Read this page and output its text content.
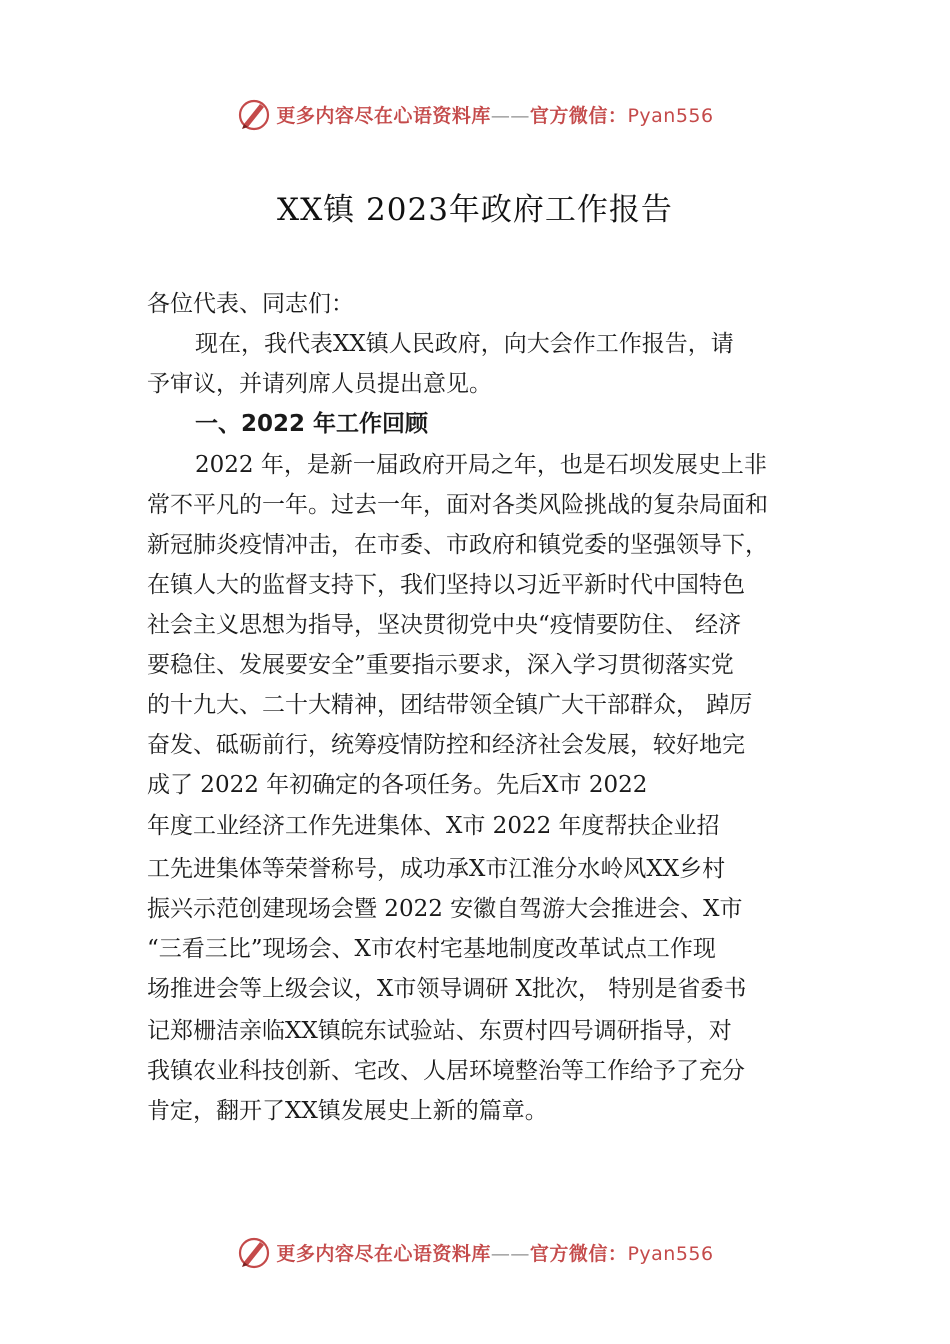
更多内容尽在心语资料库——官方微信：Pyan556
XX镇 2023年政府工作报告
各位代表、同志们：
现在，我代表XX镇人民政府，向大会作工作报告，请
予审议，并请列席人员提出意见。
一、2022 年工作回顾
2022 年，是新一届政府开局之年，也是石坝发展史上非
常不平凡的一年。过去一年，面对各类风险挑战的复杂局面和
新冠肺炎疫情冲击，在市委、市政府和镇党委的坚强领导下，
在镇人大的监督支持下，我们坚持以习近平新时代中国特色
社会主义思想为指导，坚决贯彻党中央“疫情要防住、 经济
要稳住、发展要安全”重要指示要求，深入学习贯彻落实党
的十九大、二十大精神，团结带领全镇广大干部群众， 踔厉
奋发、砥砺前行，统筹疫情防控和经济社会发展，较好地完
成了 2022 年初确定的各项任务。先后X市 2022
年度工业经济工作先进集体、X市 2022 年度帮扶企业招
工先进集体等荣誉称号，成功承X市江淮分水岭风XX乡村
振兴示范创建现场会暨 2022 安徽自驾游大会推进会、X市
“三看三比”现场会、X市农村宅基地制度改革试点工作现
场推进会等上级会议，X市领导调研 X批次， 特别是省委书
记郑栅洁亲临XX镇皖东试验站、东贾村四号调研指导，对
我镇农业科技创新、宅改、人居环境整治等工作给予了充分
肯定，翻开了XX镇发展史上新的篇章。
更多内容尽在心语资料库——官方微信：Pyan556
